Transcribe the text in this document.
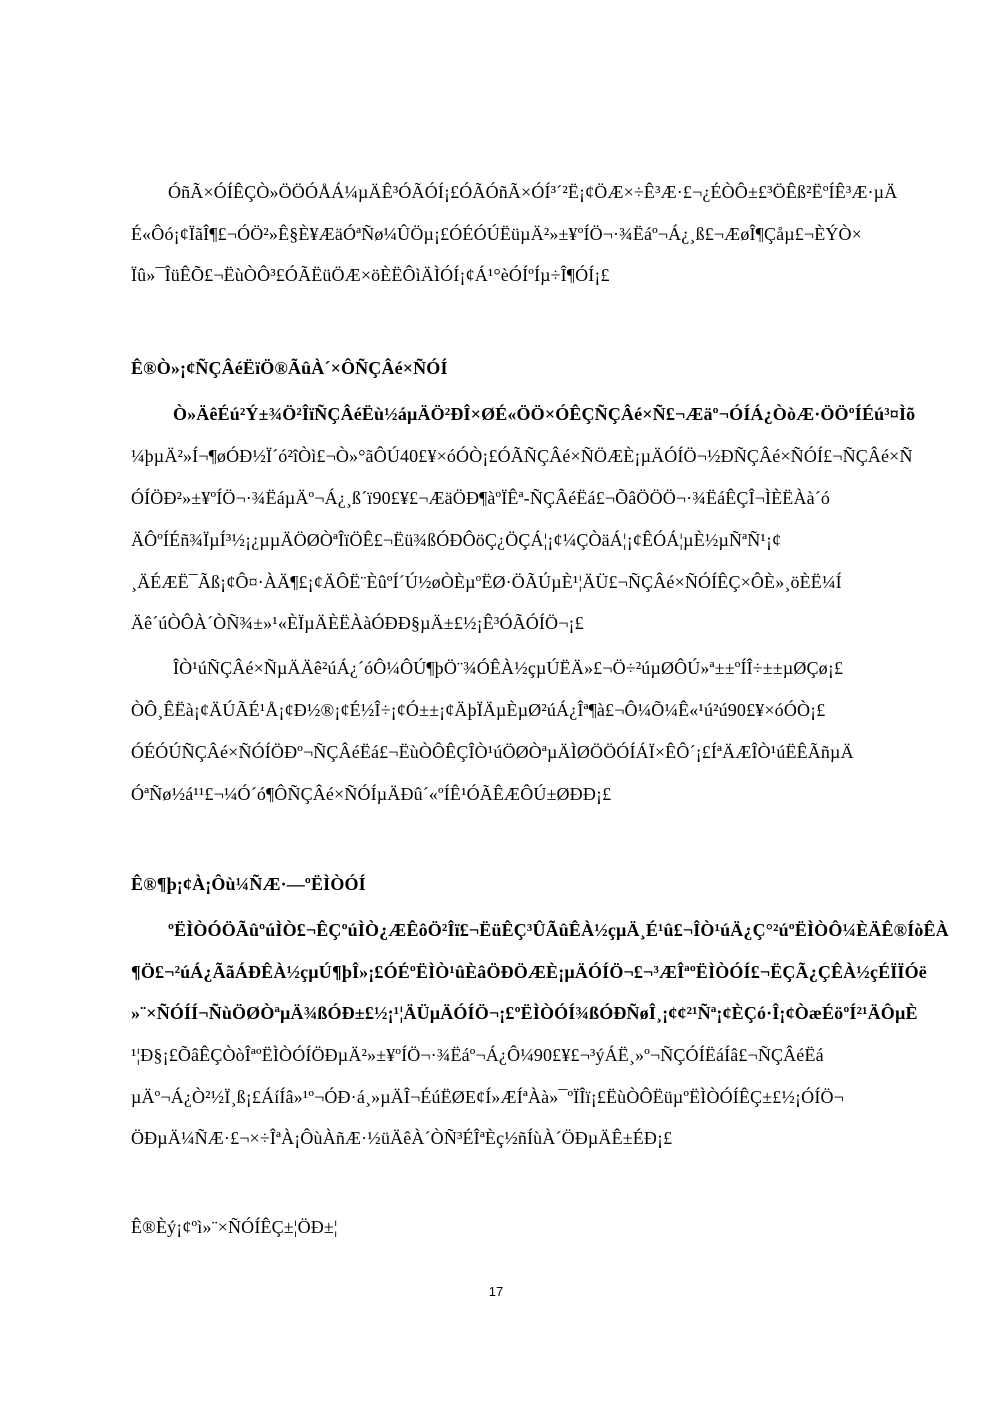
ÓñÃ×ÓÍÊÇÒ»ÖÖÓÅÁ¼µÄÊ³ÓÃÓÍ¡£ÓÃÓñÃ×ÓÍ³´²Ë¡¢ÖÆ×÷Ê³Æ·£¬¿ÉÒÔ±£³ÖÊß²ËºÍÊ³Æ·µÄ
É«Ôó¡¢ÏãÎ¶£¬ÓÖ²»Ê§È¥ÆäÓªÑø¼ÛÖµ¡£ÓÉÓÚËüµÄ²»±¥ºÍÖ¬·¾Ëáº¬Á¿¸ß£¬ÆøÎ¶Çåµ£¬ÈÝÒ×
Ïû»¯ÎüÊÕ£¬ËùÒÔ³£ÓÃËüÖÆ×öÈËÔìÄÌÓÍ¡¢Á¹°èÓÍºÍµ÷Î¶ÓÍ¡£
Ê®Ò»¡¢ÑÇÂéËïÖ®ÃûÀ´×ÔÑÇÂé×ÑÓÍ
Ò»ÄêÉú²Ý±¾Ö²ÎïÑÇÂéËù½áµÄÖ²ÐÎ×ØÉ«ÖÖ×ÓÊÇÑÇÂé×Ñ£¬Æäº¬ÓÍÁ¿ÒòÆ·ÖÖºÍÉú³¤Ìõ
¼þµÄ²»Í¬¶øÓÐ½Ï´ó²îÒì£¬Ò»°ãÔÚ40£¥×óÓÒ¡£ÓÃÑÇÂé×ÑÖÆÈ¡µÄÓÍÖ¬½ÐÑÇÂé×ÑÓÍ£¬ÑÇÂé×Ñ
ÓÍÖÐ²»±¥ºÍÖ¬·¾ËáµÄº¬Á¿¸ß´ï90£¥£¬ÆäÖÐ¶àºÏÊª-ÑÇÂéËá£¬ÕâÖÖÖ¬·¾ËáÊÇÎ¬ÌÈËÀà´ó
ÄÔºÍÉñ¾ÏµÍ³½¡¿µµÄÖØÒªÎïÖÊ£¬Ëü¾ßÓÐÔöÇ¿ÖÇÁ¦¡¢¼ÇÒäÁ¦¡¢ÊÓÁ¦µÈ½µÑªÑ¹¡¢
¸ÄÉÆË¯Ãß¡¢Ô¤·ÀÄ¶£¡¢ÄÔË¨ÈûºÍ´Ú½øÒÈµºËØ·ÖÃÚµÈ¹¦ÄÜ£¬ÑÇÂé×ÑÓÍÊÇ×ÔÈ»¸öÈË¼Í
Äê´úÒÔÀ´ÒÑ¾±»¹«ÈÏµÄÈËÀàÓÐÐ§µÄ±£½¡Ê³ÓÃÓÍÖ¬¡£
ÎÒ¹úÑÇÂé×ÑµÄÄê²úÁ¿´óÔ¼ÔÚ¶þÖ¨¾ÓÊÀ½çµÚËÄ»£¬Ö÷²úµØÔÚ»ª±±ºÍÎ÷±±µØÇø¡£
ÒÔ¸ÊËà¡¢ÄÚÃÉ¹Å¡¢Ð½®¡¢É½Î÷¡¢Ó±±¡¢ÄþÏÄµÈµØ²úÁ¿Îª¶à£¬Ô¼Õ¼Ê«¹ú²ú90£¥×óÓÒ¡£
ÓÉÓÚÑÇÂé×ÑÓÍÖÐº¬ÑÇÂéËá£¬ËùÒÔÊÇÎÒ¹úÖØÒªµÄÌØÖÖÓÍÁÏ×ÊÔ´¡£ÍªÄÆÎÒ¹úËÊÃñµÄ
ÓªÑø½á¹¹£¬¼Ó´ó¶ÔÑÇÂé×ÑÓÍµÄÐû´«ºÍÊ¹ÓÃÊÆÔÚ±ØÐÐ¡£
Ê®¶þ¡¢À¡Ôù¼ÑÆ·—ºËÌÒÓÍ
ºËÌÒÓÖÃûºúÌÒ£¬ÊÇºúÌÒ¿ÆÊôÖ²Îï£¬ËüÊÇ³ÛÃûÊÀ½çµÄ¸É¹û£¬ÎÒ¹úÄ¿Ç°²úºËÌÒÔ¼ÈÄÊ®ÍòÊÀ
¶Ö£¬²úÁ¿ÃãÁÐÊÀ½çµÚ¶þÎ»¡£ÓÉºËÌÒ¹ûÈâÖÐÖÆÈ¡µÄÓÍÖ¬£¬³ÆÎªºËÌÒÓÍ£¬ËÇÃ¿ÇÊÀ½çÉÏÏÓë
»¨×ÑÓÍÍ¬ÑùÖØÒªµÄ¾ßÓÐ±£½¡¹¦ÄÜµÄÓÍÖ¬¡£ºËÌÒÓÍ¾ßÓÐÑøÎ¸¡¢¢²¹Ñª¡¢ÈÇó·Î¡¢ÒæÉöºÍ²¹ÄÔµÈ
¹¦Ð§¡£ÕâÊÇÒòÎªºËÌÒÓÍÖÐµÄ²»±¥ºÍÖ¬·¾Ëáº¬Á¿Ô¼90£¥£¬³ýÁË¸»º¬ÑÇÓÍËáÍâ£¬ÑÇÂéËá
µÄº¬Á¿Ò²½Ï¸ß¡£ÁíÍâ»¹º¬ÓÐ·á¸»µÄÎ¬ÉúËØE¢Í»ÆÍªÀà»¯ºÏÎï¡£ËùÒÔËüµºËÌÒÓÍÊÇ±£½¡ÓÍÖ¬
ÖÐµÄ¼ÑÆ·£¬×÷ÎªÀ¡ÔùÀñÆ·½üÄêÀ´ÒÑ³ÉÎªÈç½ñÍùÀ´ÖÐµÄÊ±ÉÐ¡£
Ê®Èý¡¢ºì»¨×ÑÓÍÊÇ±¦ÖÐ±¦
17
